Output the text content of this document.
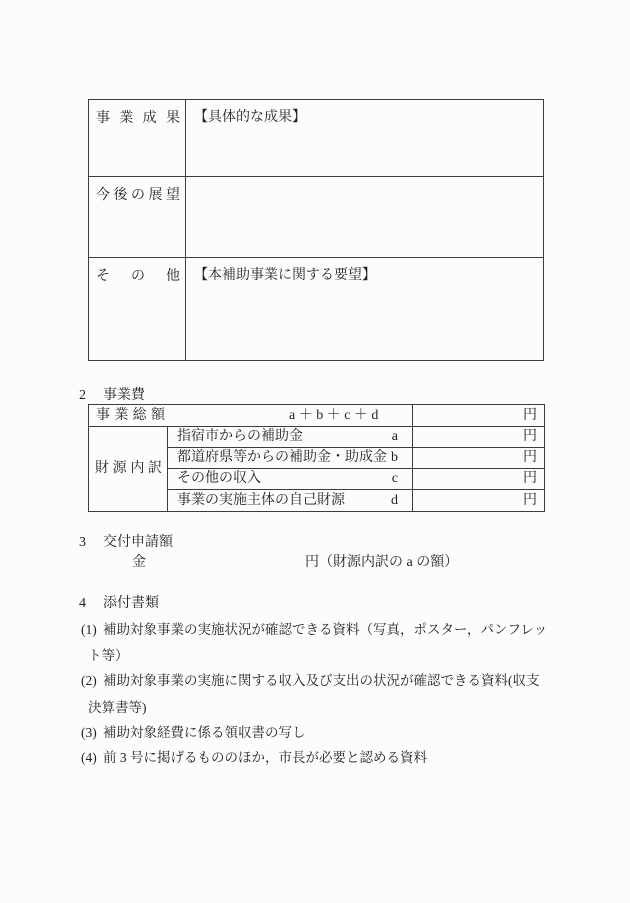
事業成果	【具体的な成果】
今後の展望	
その他	【本補助事業に関する要望】
2 事業費
事業総額 a ＋ b ＋ c ＋ d		円
財源内訳	指宿市からの補助金 a	円

	都道府県等からの補助金・助成金 b	円

	その他の収入 c	円

	事業の実施主体の自己財源 d	円
3 交付申請額
金	円（財源内訳の a の額）
4 添付書類
(1) 補助対象事業の実施状況が確認できる資料（写真，ポスター，パンフレッ
ト等）
(2) 補助対象事業の実施に関する収入及び支出の状況が確認できる資料(収支
決算書等)
(3) 補助対象経費に係る領収書の写し
(4) 前 3 号に掲げるもののほか，市長が必要と認める資料
